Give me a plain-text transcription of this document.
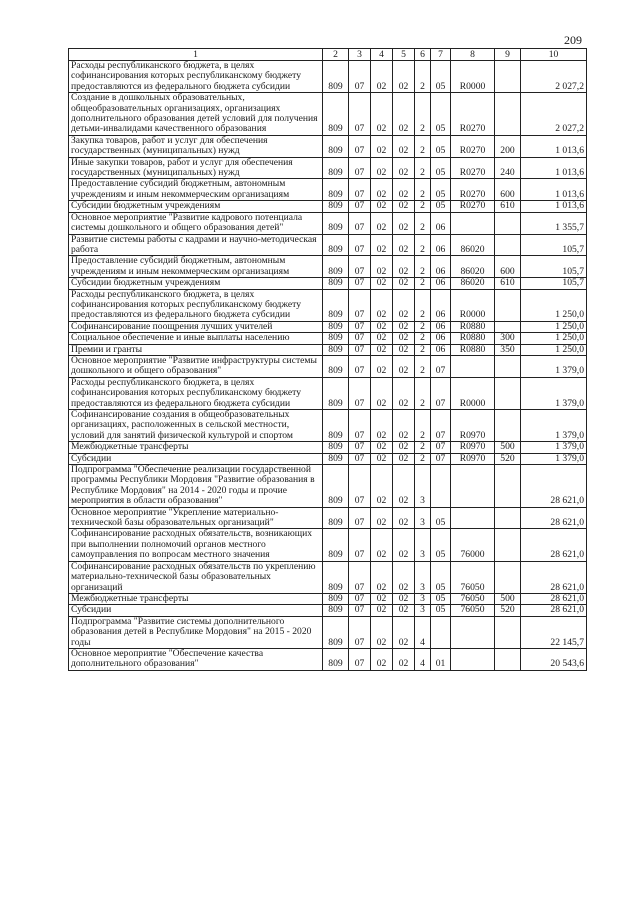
209
1	2	3	4	5	6	7	8	9	10
Расходы республиканского бюджета, в целях софинансирования которых республиканскому бюджету предоставляются из федерального бюджета субсидии	809	07	02	02	2	05	R0000		2 027,2
Создание в дошкольных образовательных, общеобразовательных организациях, организациях дополнительного образования детей условий для получения детьми-инвалидами качественного образования	809	07	02	02	2	05	R0270		2 027,2
Закупка товаров, работ и услуг для обеспечения государственных (муниципальных) нужд	809	07	02	02	2	05	R0270	200	1 013,6
Иные закупки товаров, работ и услуг для обеспечения государственных (муниципальных) нужд	809	07	02	02	2	05	R0270	240	1 013,6
Предоставление субсидий бюджетным, автономным учреждениям и иным некоммерческим организациям	809	07	02	02	2	05	R0270	600	1 013,6
Субсидии бюджетным учреждениям	809	07	02	02	2	05	R0270	610	1 013,6
Основное мероприятие "Развитие кадрового потенциала системы дошкольного и общего образования детей"	809	07	02	02	2	06			1 355,7
Развитие системы работы с кадрами и научно-методическая работа	809	07	02	02	2	06	86020		105,7
Предоставление субсидий бюджетным, автономным учреждениям и иным некоммерческим организациям	809	07	02	02	2	06	86020	600	105,7
Субсидии бюджетным учреждениям	809	07	02	02	2	06	86020	610	105,7
Расходы республиканского бюджета, в целях софинансирования которых республиканскому бюджету предоставляются из федерального бюджета субсидии	809	07	02	02	2	06	R0000		1 250,0
Софинансирование поощрения лучших учителей	809	07	02	02	2	06	R0880		1 250,0
Социальное обеспечение и иные выплаты населению	809	07	02	02	2	06	R0880	300	1 250,0
Премии и гранты	809	07	02	02	2	06	R0880	350	1 250,0
Основное мероприятие "Развитие инфраструктуры системы дошкольного и общего образования"	809	07	02	02	2	07			1 379,0
Расходы республиканского бюджета, в целях софинансирования которых республиканскому бюджету предоставляются из федерального бюджета субсидии	809	07	02	02	2	07	R0000		1 379,0
Софинансирование создания в общеобразовательных организациях, расположенных в сельской местности, условий для занятий физической культурой и спортом	809	07	02	02	2	07	R0970		1 379,0
Межбюджетные трансферты	809	07	02	02	2	07	R0970	500	1 379,0
Субсидии	809	07	02	02	2	07	R0970	520	1 379,0
Подпрограмма "Обеспечение реализации государственной программы Республики Мордовия "Развитие образования в Республике Мордовия" на 2014 - 2020 годы и прочие мероприятия в области образования"	809	07	02	02	3				28 621,0
Основное мероприятие "Укрепление материально-технической базы образовательных организаций"	809	07	02	02	3	05			28 621,0
Софинансирование расходных обязательств, возникающих при выполнении полномочий органов местного самоуправления по вопросам местного значения	809	07	02	02	3	05	76000		28 621,0
Софинансирование расходных обязательств по укреплению материально-технической базы образовательных организаций	809	07	02	02	3	05	76050		28 621,0
Межбюджетные трансферты	809	07	02	02	3	05	76050	500	28 621,0
Субсидии	809	07	02	02	3	05	76050	520	28 621,0
Подпрограмма "Развитие системы дополнительного образования детей в Республике Мордовия" на 2015 - 2020 годы	809	07	02	02	4				22 145,7
Основное мероприятие "Обеспечение качества дополнительного образования"	809	07	02	02	4	01			20 543,6
